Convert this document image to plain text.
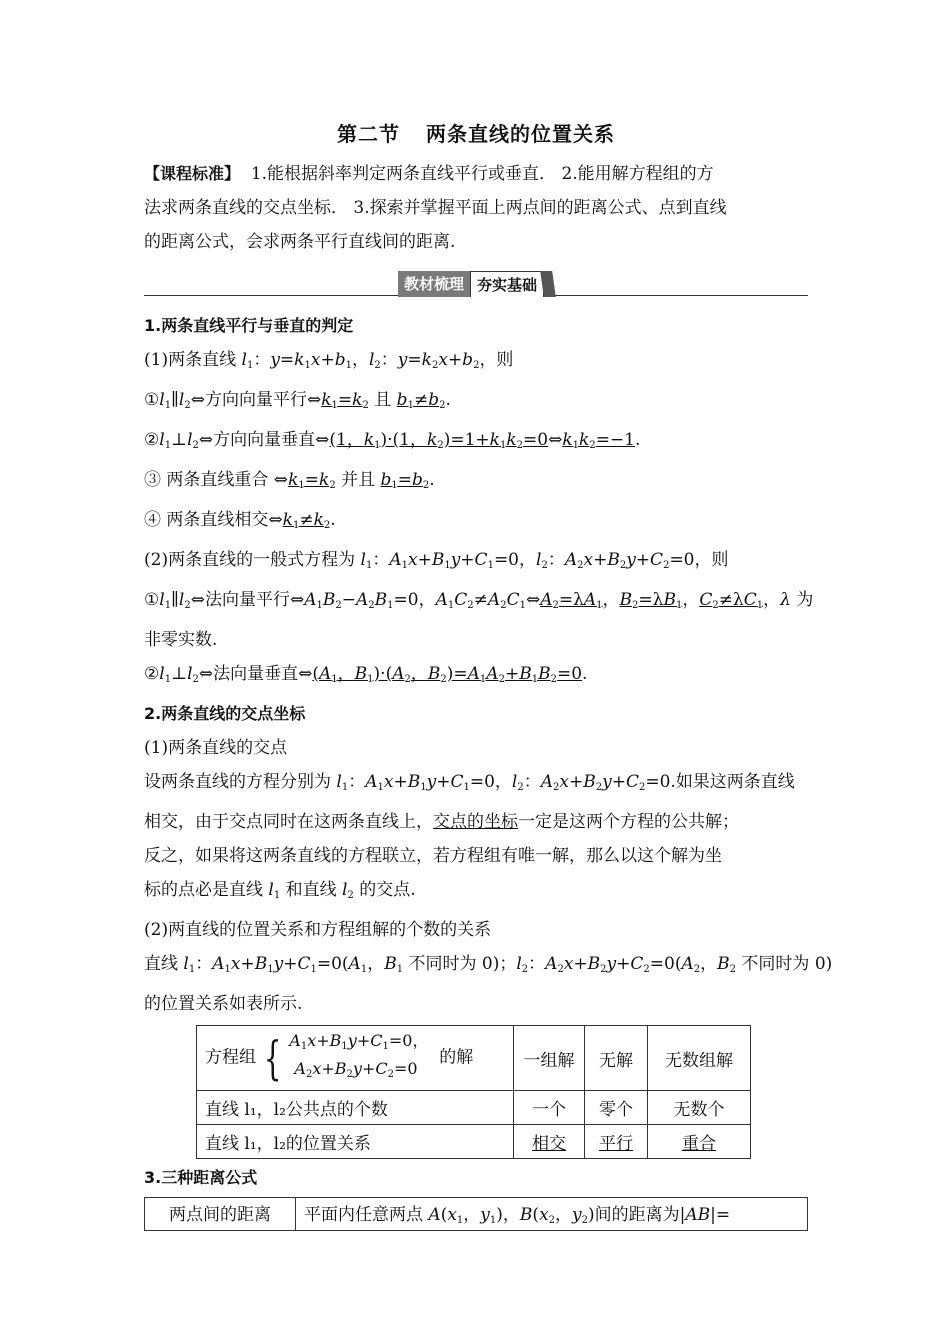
第二节 两条直线的位置关系

【课程标准】 1.能根据斜率判定两条直线平行或垂直． 2.能用解方程组的方
法求两条直线的交点坐标． 3.探索并掌握平面上两点间的距离公式、点到直线
的距离公式，会求两条平行直线间的距离.

教材梳理 夯实基础

1.两条直线平行与垂直的判定

(1)两条直线 $l_1$：$y=k_1x+b_1$，$l_2$：$y=k_2x+b_2$，则

$①l_1\parallel l_2\Leftrightarrow$方向向量平行$\Leftrightarrow k_1=k_2$ 且 $b_1\ne b_2$.

$②l_1\perp l_2\Leftrightarrow$方向向量垂直⇔(1，$k_1)\cdot(1$，$k_2)=1+k_1k_2=0\Leftrightarrow k_1k_2=-1$.

③ 两条直线重合 $\Leftrightarrow k_1=k_2$ 并且 $b_1=b_2$.

④ 两条直线相交$\Leftrightarrow k_1\ne k_2$.

(2)两条直线的一般式方程为 $l_1$：$A_1x+B_1y+C_1=0$，$l_2$：$A_2x+B_2y+C_2=0$，则

$①l_1\parallel l_2\Leftrightarrow$法向量平行$\Leftrightarrow A_1B_2-A_2B_1=0$，$A_1C_2\ne A_2C_1\Leftrightarrow A_2=\lambda A_1$，$B_2=\lambda B_1$，$C_2\ne\lambda C_1$，λ 为

非零实数.

$②l_1\perp l_2\Leftrightarrow$法向量垂直$\Leftrightarrow(A_1$，$B_1)\cdot(A_2$，$B_2)=A_1A_2+B_1B_2=0$.

2.两条直线的交点坐标

(1)两条直线的交点

设两条直线的方程分别为 $l_1$：$A_1x+B_1y+C_1=0$，$l_2$：$A_2x+B_2y+C_2=0$.如果这两条直线

相交，由于交点同时在这两条直线上，交点的坐标一定是这两个方程的公共解；

反之，如果将这两条直线的方程联立，若方程组有唯一解，那么以这个解为坐

标的点必是直线 $l_1$ 和直线 $l_2$ 的交点.

(2)两直线的位置关系和方程组解的个数的关系

直线 $l_1$：$A_1x+B_1y+C_1=0(A_1$，$B_1$ 不同时为 0)；$l_2$：$A_2x+B_2y+C_2=0(A_2$，$B_2$ 不同时为 0)

的位置关系如表所示.

方程组 { $A_1x+B_1y+C_1=0$，
$A_2x+B_2y+C_2=0$
的解	一组解	无解	无数组解
直线 l₁，l₂公共点的个数	一个	零个	无数个
直线 l₁，l₂的位置关系	相交	平行	重合

3.三种距离公式

两点间的距离	平面内任意两点 $A(x_1$，$y_1$)，$B(x_2$，$y_2$)间的距离为|AB|=
